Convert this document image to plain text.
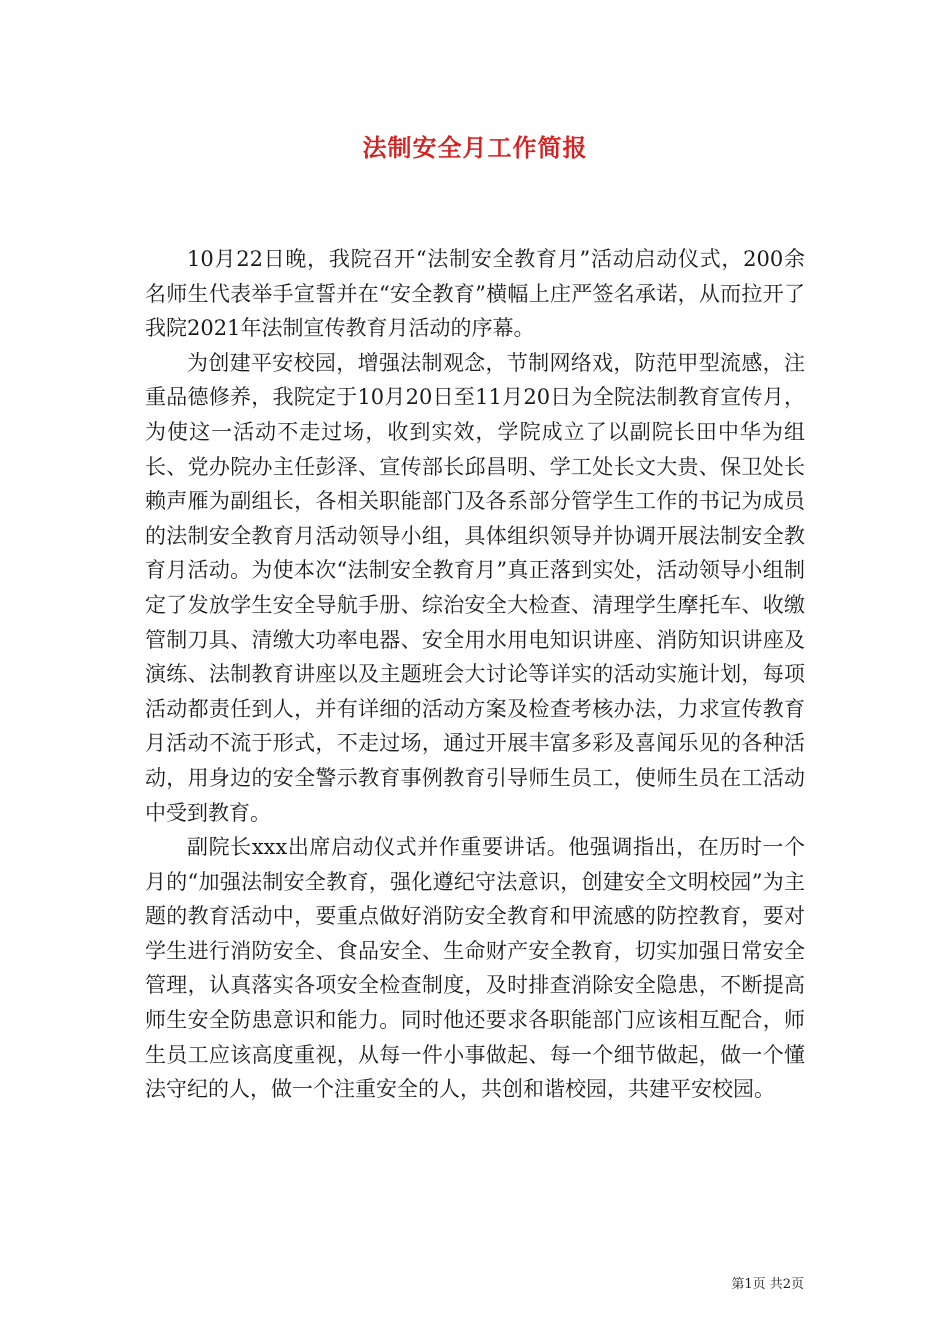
法制安全月工作简报

10月22日晚，我院召开“法制安全教育月”活动启动仪式，200余名师生代表举手宣誓并在“安全教育”横幅上庄严签名承诺，从而拉开了我院2021年法制宣传教育月活动的序幕。

为创建平安校园，增强法制观念，节制网络戏，防范甲型流感，注重品德修养，我院定于10月20日至11月20日为全院法制教育宣传月，为使这一活动不走过场，收到实效，学院成立了以副院长田中华为组长、党办院办主任彭泽、宣传部长邱昌明、学工处长文大贵、保卫处长赖声雁为副组长，各相关职能部门及各系部分管学生工作的书记为成员的法制安全教育月活动领导小组，具体组织领导并协调开展法制安全教育月活动。为使本次“法制安全教育月”真正落到实处，活动领导小组制定了发放学生安全导航手册、综治安全大检查、清理学生摩托车、收缴管制刀具、清缴大功率电器、安全用水用电知识讲座、消防知识讲座及演练、法制教育讲座以及主题班会大讨论等详实的活动实施计划，每项活动都责任到人，并有详细的活动方案及检查考核办法，力求宣传教育月活动不流于形式，不走过场，通过开展丰富多彩及喜闻乐见的各种活动，用身边的安全警示教育事例教育引导师生员工，使师生员在工活动中受到教育。

副院长xxx出席启动仪式并作重要讲话。他强调指出，在历时一个月的“加强法制安全教育，强化遵纪守法意识，创建安全文明校园”为主题的教育活动中，要重点做好消防安全教育和甲流感的防控教育，要对学生进行消防安全、食品安全、生命财产安全教育，切实加强日常安全管理，认真落实各项安全检查制度，及时排查消除安全隐患，不断提高师生安全防患意识和能力。同时他还要求各职能部门应该相互配合，师生员工应该高度重视，从每一件小事做起、每一个细节做起，做一个懂法守纪的人，做一个注重安全的人，共创和谐校园，共建平安校园。

第1页 共2页
